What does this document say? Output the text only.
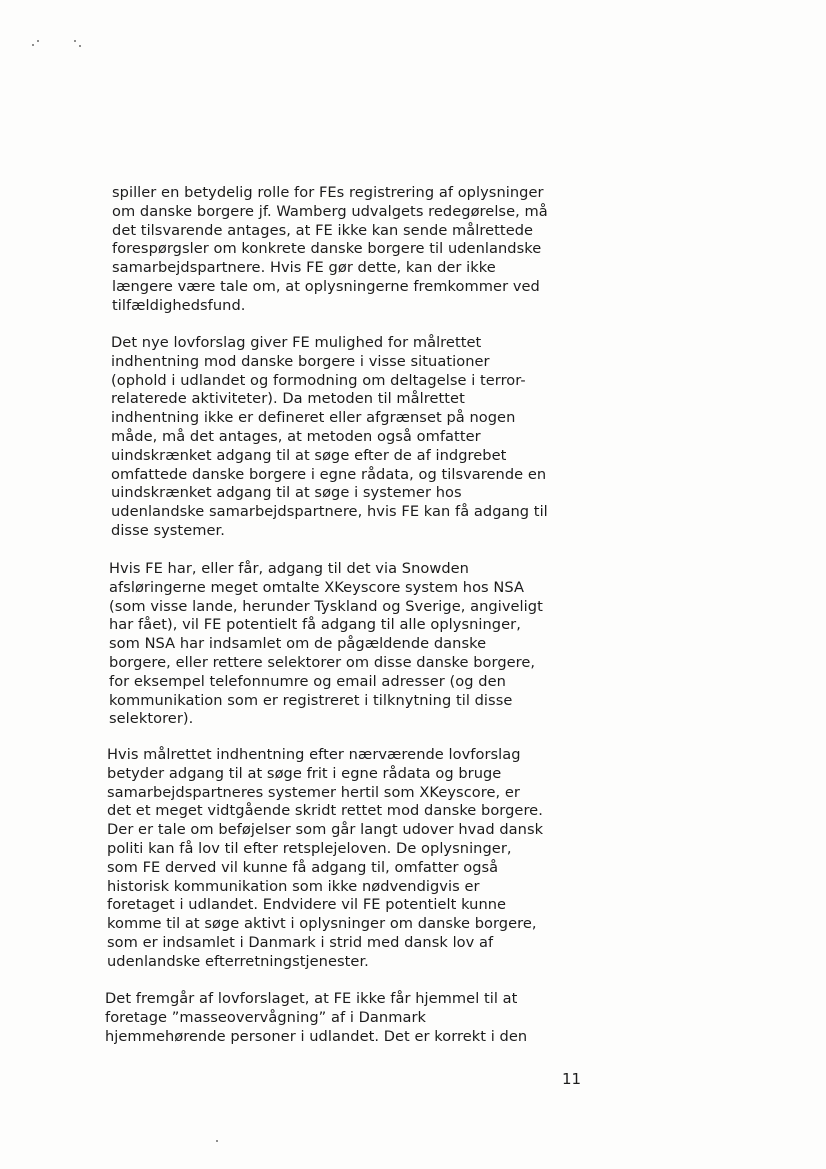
spiller en betydelig rolle for FEs registrering af oplysninger
om danske borgere jf. Wamberg udvalgets redegørelse, må
det tilsvarende antages, at FE ikke kan sende målrettede
forespørgsler om konkrete danske borgere til udenlandske
samarbejdspartnere. Hvis FE gør dette, kan der ikke
længere være tale om, at oplysningerne fremkommer ved
tilfældighedsfund.

Det nye lovforslag giver FE mulighed for målrettet
indhentning mod danske borgere i visse situationer
(ophold i udlandet og formodning om deltagelse i terror-
relaterede aktiviteter). Da metoden til målrettet
indhentning ikke er defineret eller afgrænset på nogen
måde, må det antages, at metoden også omfatter
uindskrænket adgang til at søge efter de af indgrebet
omfattede danske borgere i egne rådata, og tilsvarende en
uindskrænket adgang til at søge i systemer hos
udenlandske samarbejdspartnere, hvis FE kan få adgang til
disse systemer.

Hvis FE har, eller får, adgang til det via Snowden
afsløringerne meget omtalte XKeyscore system hos NSA
(som visse lande, herunder Tyskland og Sverige, angiveligt
har fået), vil FE potentielt få adgang til alle oplysninger,
som NSA har indsamlet om de pågældende danske
borgere, eller rettere selektorer om disse danske borgere,
for eksempel telefonnumre og email adresser (og den
kommunikation som er registreret i tilknytning til disse
selektorer).

Hvis målrettet indhentning efter nærværende lovforslag
betyder adgang til at søge frit i egne rådata og bruge
samarbejdspartneres systemer hertil som XKeyscore, er
det et meget vidtgående skridt rettet mod danske borgere.
Der er tale om beføjelser som går langt udover hvad dansk
politi kan få lov til efter retsplejeloven. De oplysninger,
som FE derved vil kunne få adgang til, omfatter også
historisk kommunikation som ikke nødvendigvis er
foretaget i udlandet. Endvidere vil FE potentielt kunne
komme til at søge aktivt i oplysninger om danske borgere,
som er indsamlet i Danmark i strid med dansk lov af
udenlandske efterretningstjenester.

Det fremgår af lovforslaget, at FE ikke får hjemmel til at
foretage ”masseovervågning” af i Danmark
hjemmehørende personer i udlandet. Det er korrekt i den

11
